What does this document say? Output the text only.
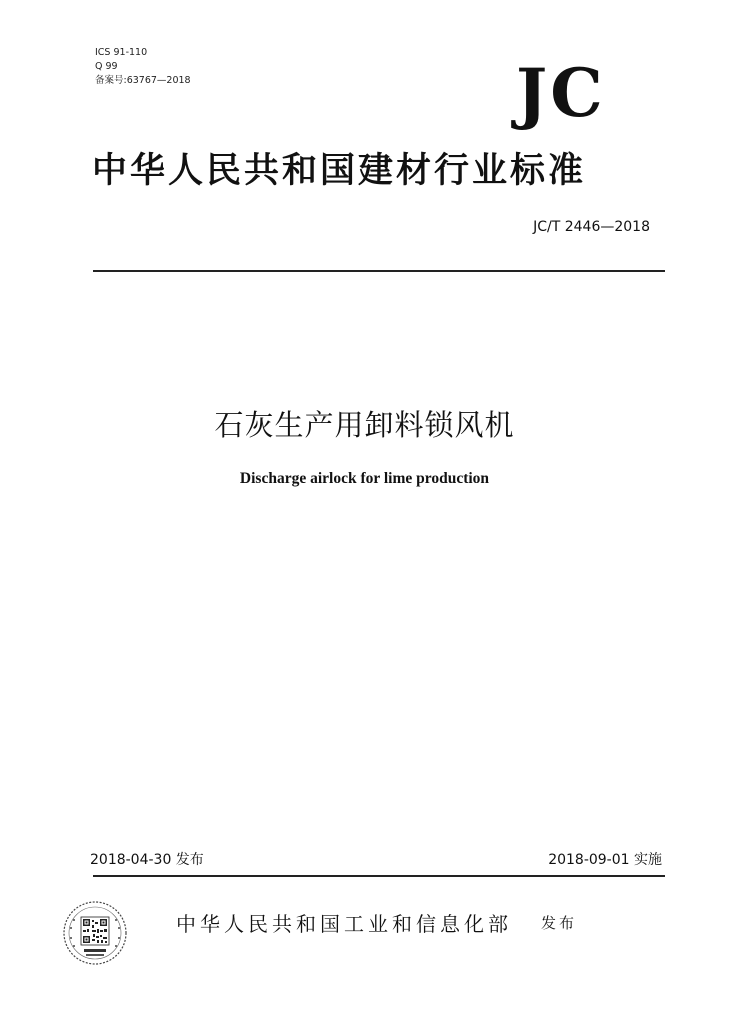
ICS 91-110
Q 99
备案号:63767—2018	JC
中华人民共和国建材行业标准
JC/T 2446—2018
石灰生产用卸料锁风机
Discharge airlock for lime production
2018-04-30 发布	2018-09-01 实施
中华人民共和国工业和信息化部 发布
